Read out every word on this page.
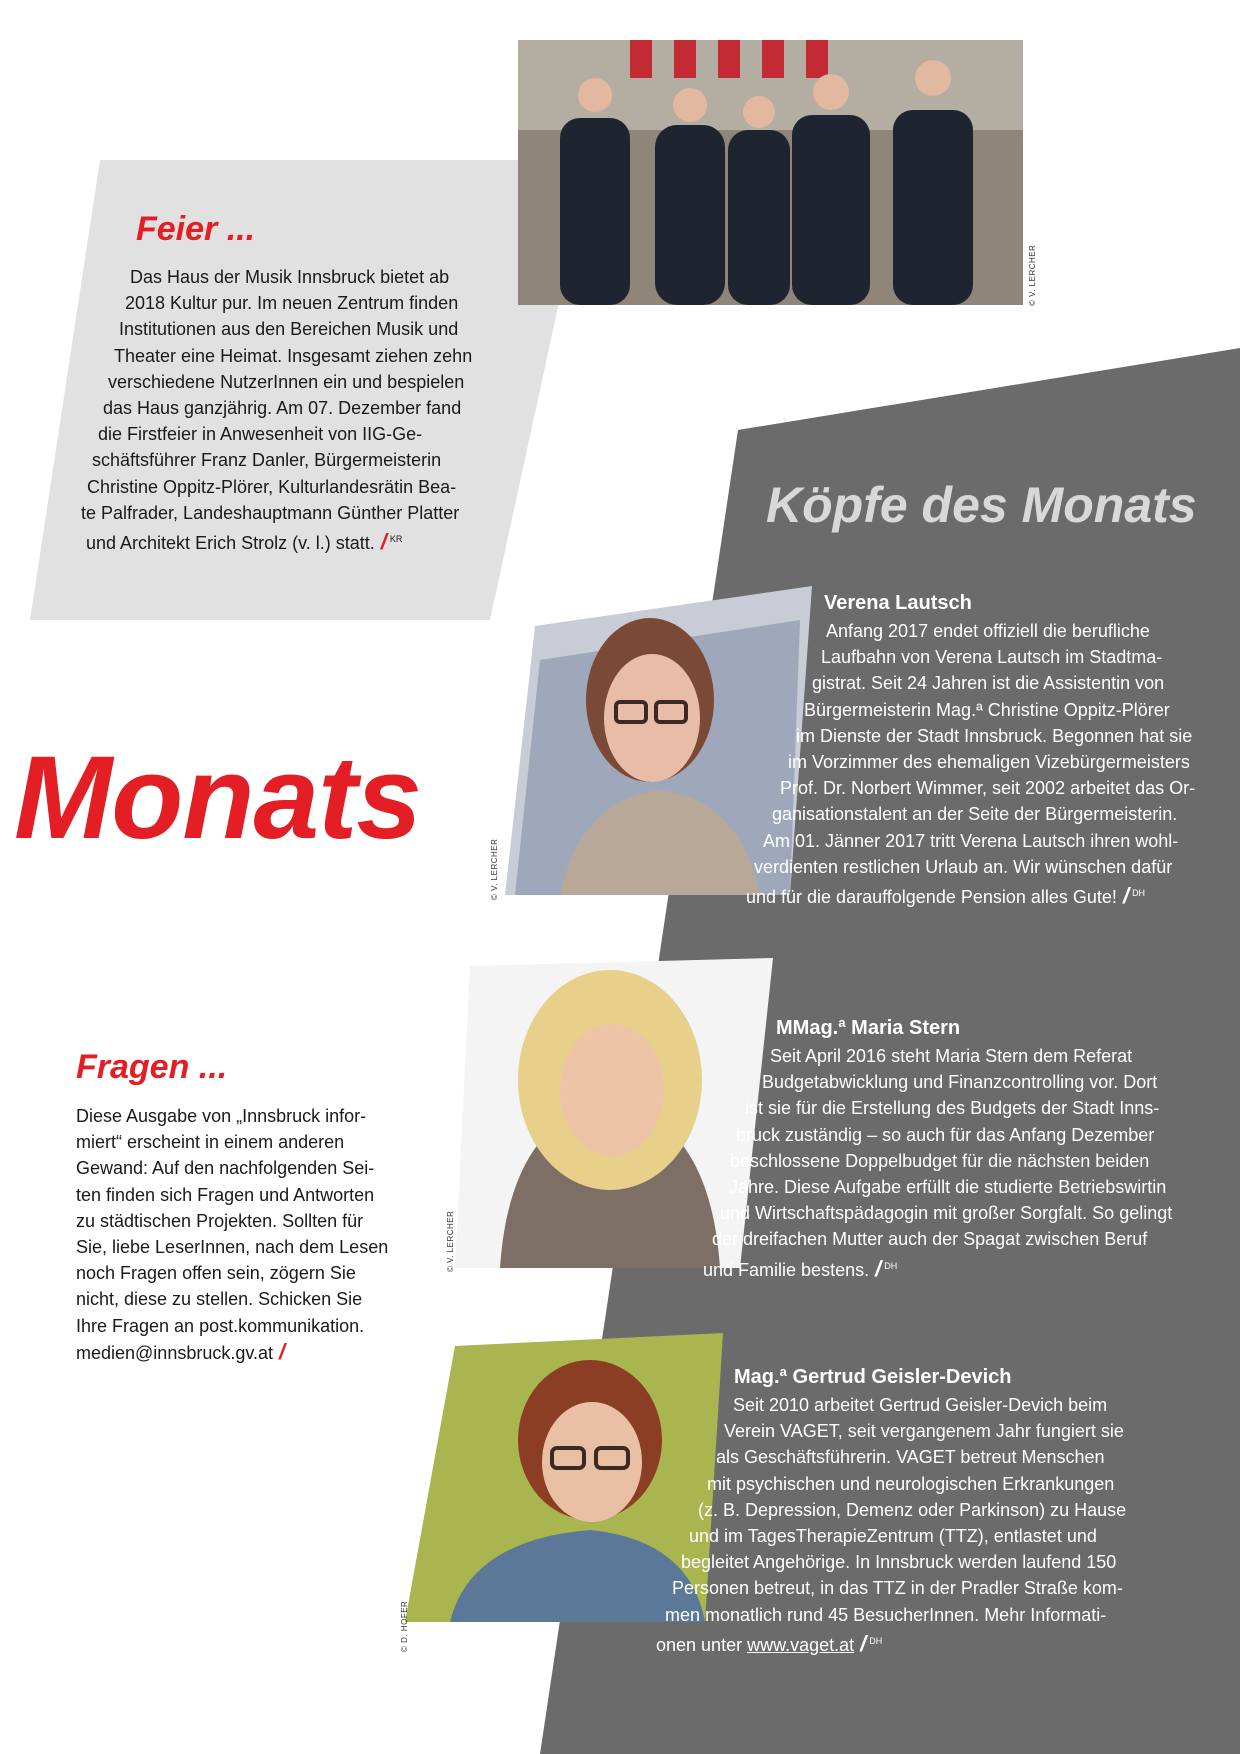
Feier ...
© V. LERCHER

Das Haus der Musik Innsbruck bietet ab

2018 Kultur pur. Im neuen Zentrum finden

Institutionen aus den Bereichen Musik und

Theater eine Heimat. Insgesamt ziehen zehn

verschiedene NutzerInnen ein und bespielen

das Haus ganzjährig. Am 07. Dezember fand

die Firstfeier in Anwesenheit von IIG-Ge-

schäftsführer Franz Danler, Bürgermeisterin

Christine Oppitz-Plörer, Kulturlandesrätin Bea-

te Palfrader, Landeshauptmann Günther Platter

und Architekt Erich Strolz (v. l.) statt. / $^{KR}$

Köpfe des Monats
Monats
© V. LERCHER
Verena Lautsch

Anfang 2017 endet offiziell die berufliche

Laufbahn von Verena Lautsch im Stadtma-

gistrat. Seit 24 Jahren ist die Assistentin von

Bürgermeisterin Mag.ª Christine Oppitz-Plörer

im Dienste der Stadt Innsbruck. Begonnen hat sie

im Vorzimmer des ehemaligen Vizebürgermeisters

Prof. Dr. Norbert Wimmer, seit 2002 arbeitet das Or-

ganisationstalent an der Seite der Bürgermeisterin.

Am 01. Jänner 2017 tritt Verena Lautsch ihren wohl-

verdienten restlichen Urlaub an. Wir wünschen dafür

und für die darauffolgende Pension alles Gute! / $^{DH}$

© V. LERCHER
MMag.ª Maria Stern

Seit April 2016 steht Maria Stern dem Referat

Budgetabwicklung und Finanzcontrolling vor. Dort

ist sie für die Erstellung des Budgets der Stadt Inns-

bruck zuständig – so auch für das Anfang Dezember

beschlossene Doppelbudget für die nächsten beiden

Jahre. Diese Aufgabe erfüllt die studierte Betriebswirtin

und Wirtschaftspädagogin mit großer Sorgfalt. So gelingt

der dreifachen Mutter auch der Spagat zwischen Beruf

und Familie bestens. / $^{DH}$

Fragen ...

Diese Ausgabe von „Innsbruck infor-

miert“ erscheint in einem anderen

Gewand: Auf den nachfolgenden Sei-

ten finden sich Fragen und Antworten

zu städtischen Projekten. Sollten für

Sie, liebe LeserInnen, nach dem Lesen

noch Fragen offen sein, zögern Sie

nicht, diese zu stellen. Schicken Sie

Ihre Fragen an post.kommunikation.

medien@innsbruck.gv.at /

© D. HOFER
Mag.ª Gertrud Geisler-Devich

Seit 2010 arbeitet Gertrud Geisler-Devich beim

Verein VAGET, seit vergangenem Jahr fungiert sie

als Geschäftsführerin. VAGET betreut Menschen

mit psychischen und neurologischen Erkrankungen

(z. B. Depression, Demenz oder Parkinson) zu Hause

und im TagesTherapieZentrum (TTZ), entlastet und

begleitet Angehörige. In Innsbruck werden laufend 150

Personen betreut, in das TTZ in der Pradler Straße kom-

men monatlich rund 45 BesucherInnen. Mehr Informati-

onen unter www.vaget.at / $^{DH}$
